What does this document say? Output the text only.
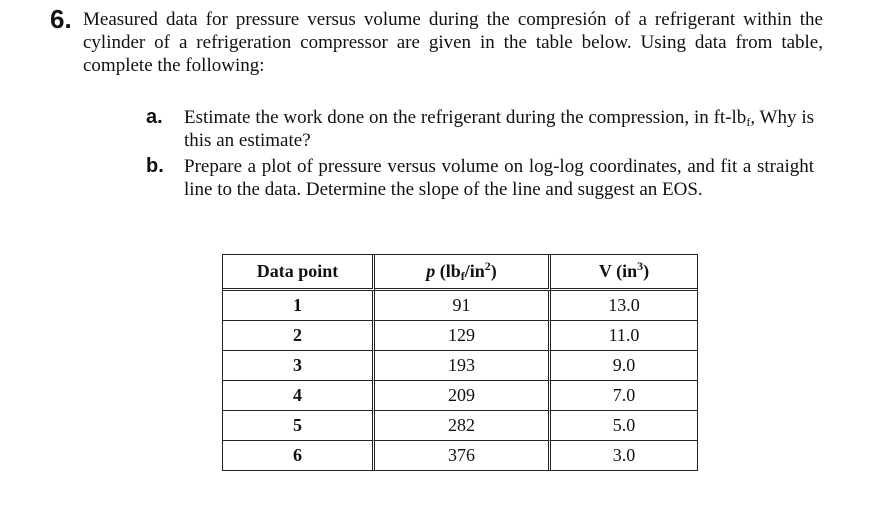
6. Measured data for pressure versus volume during the compresión of a refrigerant within the cylinder of a refrigeration compressor are given in the table below. Using data from table, complete the following:
a. Estimate the work done on the refrigerant during the compression, in $ft-lb_f$, Why is this an estimate?
b. Prepare a plot of pressure versus volume on log-log coordinates, and fit a straight line to the data. Determine the slope of the line and suggest an EOS.
Data point	p $(lb_f/in^2)$	V $(in^3)$
1	91	13.0
2	129	11.0
3	193	9.0
4	209	7.0
5	282	5.0
6	376	3.0
